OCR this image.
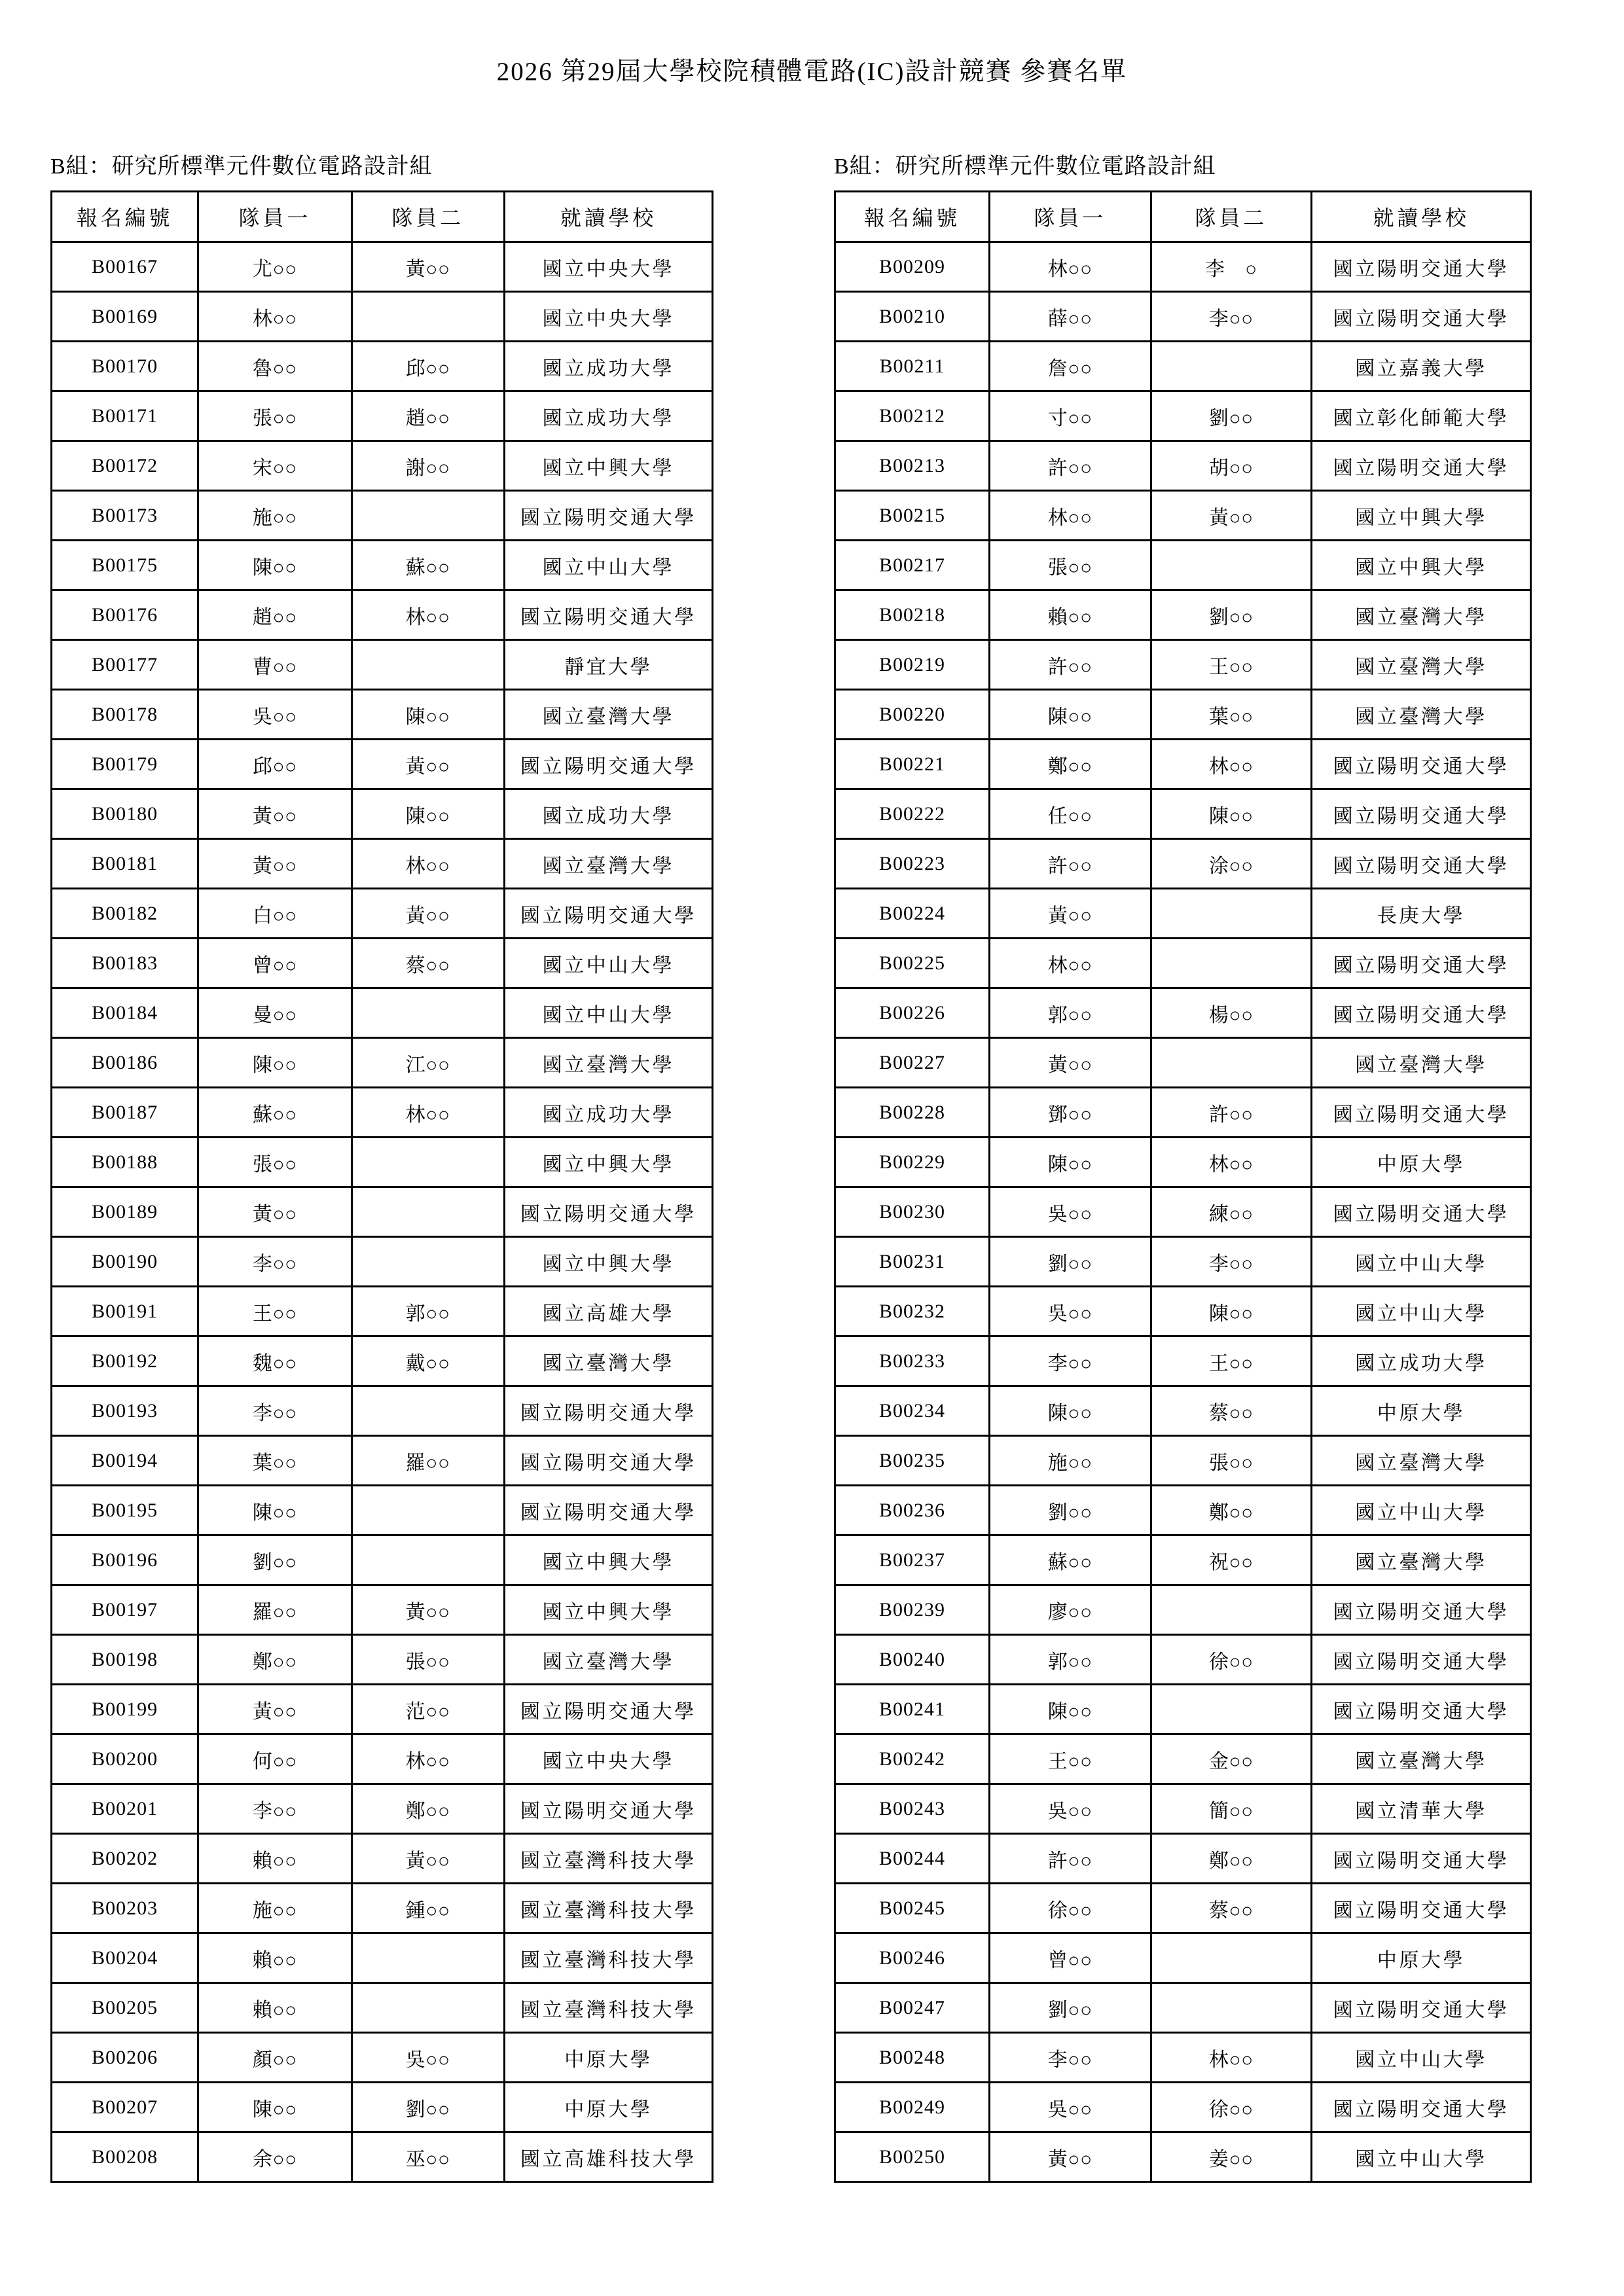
2026 第29屆大學校院積體電路(IC)設計競賽 參賽名單
B組：研究所標準元件數位電路設計組
報名編號	隊員一	隊員二	就讀學校
B00167	尤○○	黃○○	國立中央大學
B00169	林○○		國立中央大學
B00170	魯○○	邱○○	國立成功大學
B00171	張○○	趙○○	國立成功大學
B00172	宋○○	謝○○	國立中興大學
B00173	施○○		國立陽明交通大學
B00175	陳○○	蘇○○	國立中山大學
B00176	趙○○	林○○	國立陽明交通大學
B00177	曹○○		靜宜大學
B00178	吳○○	陳○○	國立臺灣大學
B00179	邱○○	黃○○	國立陽明交通大學
B00180	黃○○	陳○○	國立成功大學
B00181	黃○○	林○○	國立臺灣大學
B00182	白○○	黃○○	國立陽明交通大學
B00183	曾○○	蔡○○	國立中山大學
B00184	曼○○		國立中山大學
B00186	陳○○	江○○	國立臺灣大學
B00187	蘇○○	林○○	國立成功大學
B00188	張○○		國立中興大學
B00189	黃○○		國立陽明交通大學
B00190	李○○		國立中興大學
B00191	王○○	郭○○	國立高雄大學
B00192	魏○○	戴○○	國立臺灣大學
B00193	李○○		國立陽明交通大學
B00194	葉○○	羅○○	國立陽明交通大學
B00195	陳○○		國立陽明交通大學
B00196	劉○○		國立中興大學
B00197	羅○○	黃○○	國立中興大學
B00198	鄭○○	張○○	國立臺灣大學
B00199	黃○○	范○○	國立陽明交通大學
B00200	何○○	林○○	國立中央大學
B00201	李○○	鄭○○	國立陽明交通大學
B00202	賴○○	黃○○	國立臺灣科技大學
B00203	施○○	鍾○○	國立臺灣科技大學
B00204	賴○○		國立臺灣科技大學
B00205	賴○○		國立臺灣科技大學
B00206	顏○○	吳○○	中原大學
B00207	陳○○	劉○○	中原大學
B00208	余○○	巫○○	國立高雄科技大學
B組：研究所標準元件數位電路設計組
報名編號	隊員一	隊員二	就讀學校
B00209	林○○	李　○	國立陽明交通大學
B00210	薛○○	李○○	國立陽明交通大學
B00211	詹○○		國立嘉義大學
B00212	寸○○	劉○○	國立彰化師範大學
B00213	許○○	胡○○	國立陽明交通大學
B00215	林○○	黃○○	國立中興大學
B00217	張○○		國立中興大學
B00218	賴○○	劉○○	國立臺灣大學
B00219	許○○	王○○	國立臺灣大學
B00220	陳○○	葉○○	國立臺灣大學
B00221	鄭○○	林○○	國立陽明交通大學
B00222	任○○	陳○○	國立陽明交通大學
B00223	許○○	涂○○	國立陽明交通大學
B00224	黃○○		長庚大學
B00225	林○○		國立陽明交通大學
B00226	郭○○	楊○○	國立陽明交通大學
B00227	黃○○		國立臺灣大學
B00228	鄧○○	許○○	國立陽明交通大學
B00229	陳○○	林○○	中原大學
B00230	吳○○	練○○	國立陽明交通大學
B00231	劉○○	李○○	國立中山大學
B00232	吳○○	陳○○	國立中山大學
B00233	李○○	王○○	國立成功大學
B00234	陳○○	蔡○○	中原大學
B00235	施○○	張○○	國立臺灣大學
B00236	劉○○	鄭○○	國立中山大學
B00237	蘇○○	祝○○	國立臺灣大學
B00239	廖○○		國立陽明交通大學
B00240	郭○○	徐○○	國立陽明交通大學
B00241	陳○○		國立陽明交通大學
B00242	王○○	金○○	國立臺灣大學
B00243	吳○○	簡○○	國立清華大學
B00244	許○○	鄭○○	國立陽明交通大學
B00245	徐○○	蔡○○	國立陽明交通大學
B00246	曾○○		中原大學
B00247	劉○○		國立陽明交通大學
B00248	李○○	林○○	國立中山大學
B00249	吳○○	徐○○	國立陽明交通大學
B00250	黃○○	姜○○	國立中山大學
